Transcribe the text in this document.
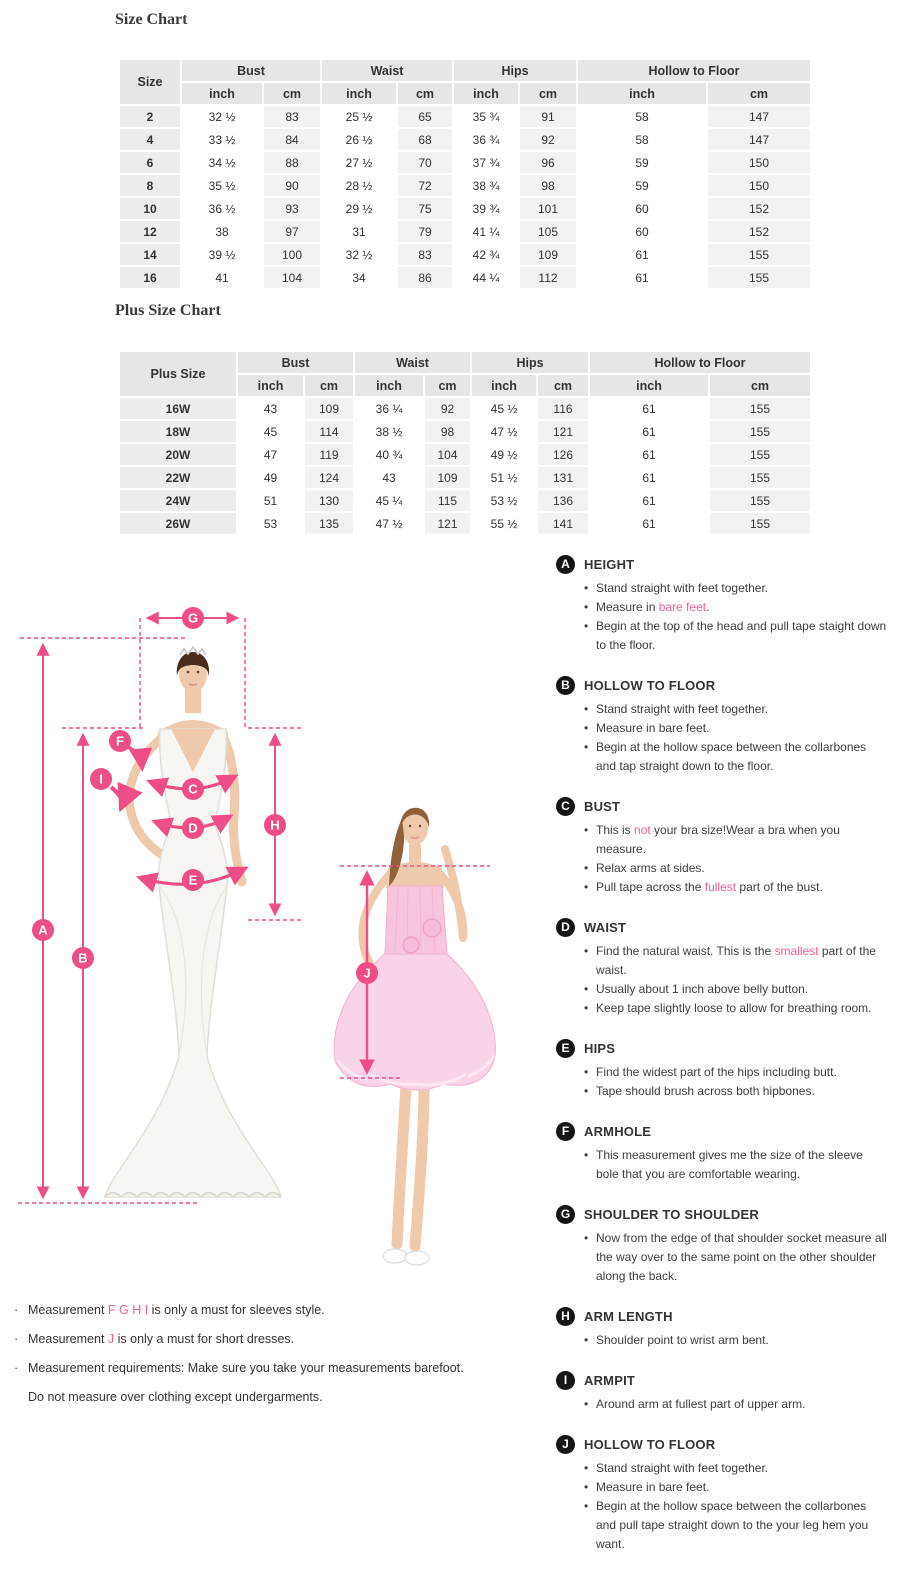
Size Chart
Size	Bust		Waist		Hips		Hollow to Floor	
	inch	cm	inch	cm	inch	cm	inch	cm
2	32 ½	83	25 ½	65	35 ¾	91	58	147
4	33 ½	84	26 ½	68	36 ¾	92	58	147
6	34 ½	88	27 ½	70	37 ¾	96	59	150
8	35 ½	90	28 ½	72	38 ¾	98	59	150
10	36 ½	93	29 ½	75	39 ¾	101	60	152
12	38	97	31	79	41 ¼	105	60	152
14	39 ½	100	32 ½	83	42 ¾	109	61	155
16	41	104	34	86	44 ¼	112	61	155
Plus Size Chart
Plus Size	Bust		Waist		Hips		Hollow to Floor	
	inch	cm	inch	cm	inch	cm	inch	cm
16W	43	109	36 ¼	92	45 ½	116	61	155
18W	45	114	38 ½	98	47 ½	121	61	155
20W	47	119	40 ¾	104	49 ½	126	61	155
22W	49	124	43	109	51 ½	131	61	155
24W	51	130	45 ¼	115	53 ½	136	61	155
26W	53	135	47 ½	121	55 ½	141	61	155
G
A
B
F
I
C
H
D
E
J
· Measurement F G H I is only a must for sleeves style.
· Measurement J is only a must for short dresses.
· Measurement requirements: Make sure you take your measurements barefoot.
Do not measure over clothing except undergarments.
A	HEIGHT
• Stand straight with feet together.
• Measure in bare feet.
• Begin at the top of the head and pull tape staight down to the floor.
B	HOLLOW TO FLOOR
• Stand straight with feet together.
• Measure in bare feet.
• Begin at the hollow space between the collarbones and tap straight down to the floor.
C	BUST
• This is not your bra size!Wear a bra when you measure.
• Relax arms at sides.
• Pull tape across the fullest part of the bust.
D	WAIST
• Find the natural waist. This is the smallest part of the waist.
• Usually about 1 inch above belly button.
• Keep tape slightly loose to allow for breathing room.
E	HIPS
• Find the widest part of the hips including butt.
• Tape should brush across both hipbones.
F	ARMHOLE
• This measurement gives me the size of the sleeve bole that you are comfortable wearing.
G	SHOULDER TO SHOULDER
• Now from the edge of that shoulder socket measure all the way over to the same point on the other shoulder along the back.
H	ARM LENGTH
• Shoulder point to wrist arm bent.
I	ARMPIT
• Around arm at fullest part of upper arm.
J	HOLLOW TO FLOOR
• Stand straight with feet together.
• Measure in bare feet.
• Begin at the hollow space between the collarbones and pull tape straight down to the your leg hem you want.
